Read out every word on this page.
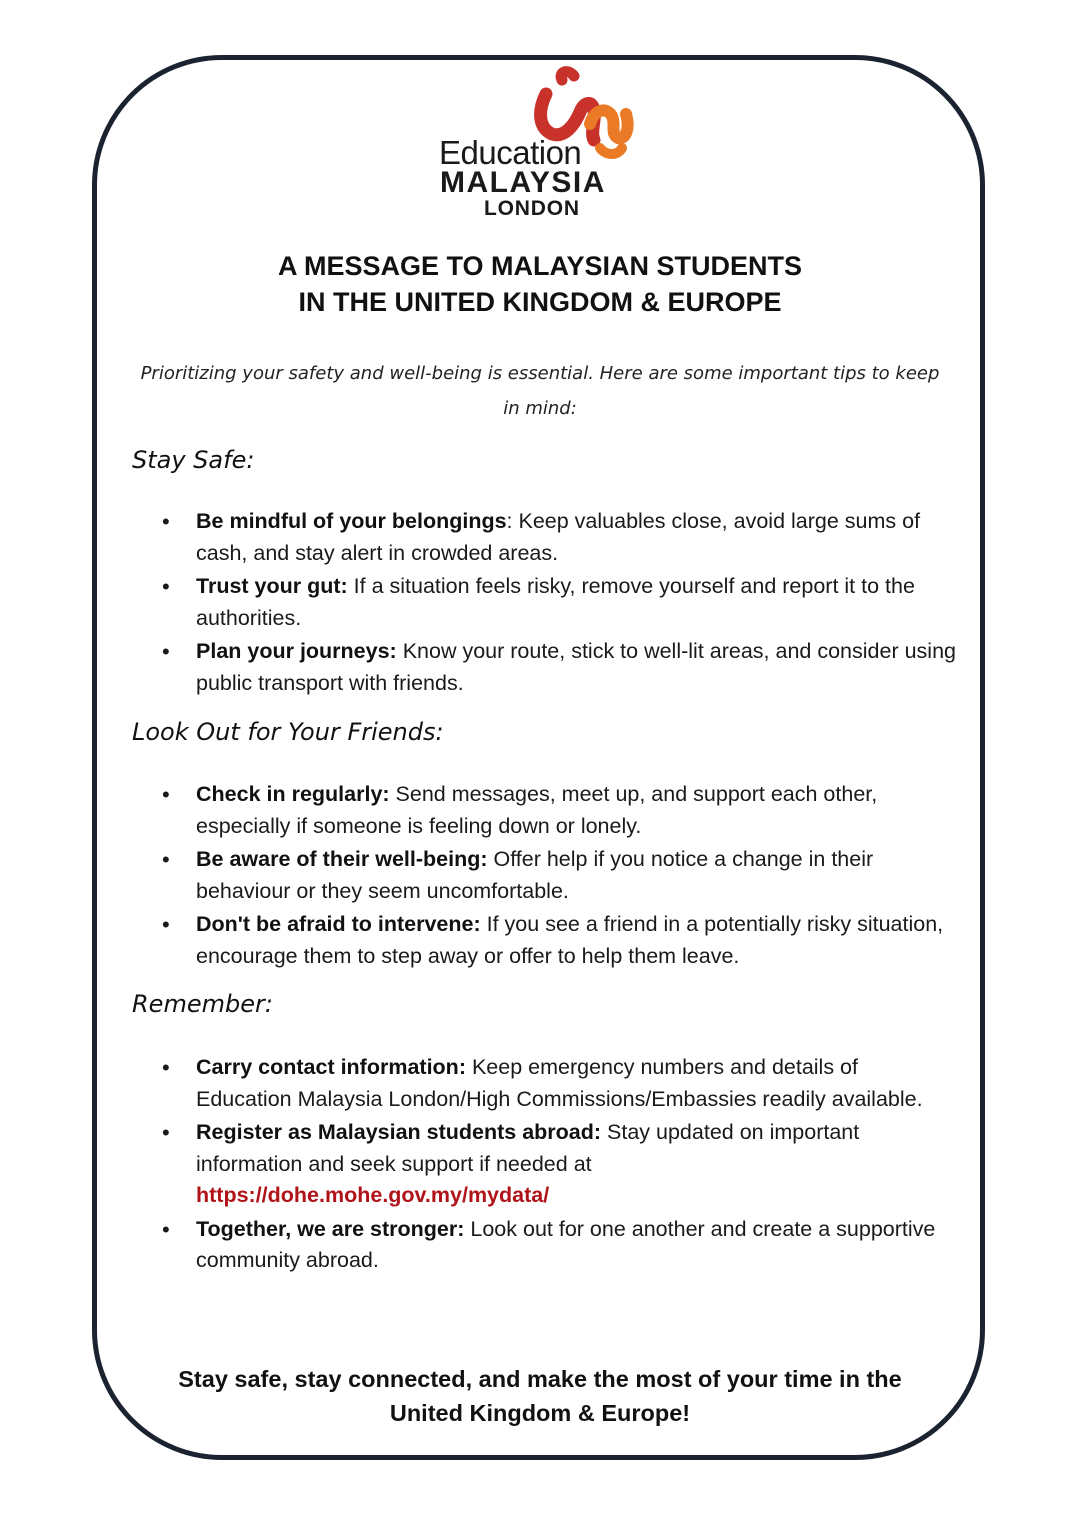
Education
MALAYSIA
LONDON
A MESSAGE TO MALAYSIAN STUDENTS
IN THE UNITED KINGDOM & EUROPE
Prioritizing your safety and well-being is essential. Here are some important tips to keep in mind:
Stay Safe:
• Be mindful of your belongings: Keep valuables close, avoid large sums of cash, and stay alert in crowded areas.
• Trust your gut: If a situation feels risky, remove yourself and report it to the authorities.
• Plan your journeys: Know your route, stick to well-lit areas, and consider using public transport with friends.
Look Out for Your Friends:
• Check in regularly: Send messages, meet up, and support each other, especially if someone is feeling down or lonely.
• Be aware of their well-being: Offer help if you notice a change in their behaviour or they seem uncomfortable.
• Don't be afraid to intervene: If you see a friend in a potentially risky situation, encourage them to step away or offer to help them leave.
Remember:
• Carry contact information: Keep emergency numbers and details of Education Malaysia London/High Commissions/Embassies readily available.
• Register as Malaysian students abroad: Stay updated on important information and seek support if needed at
https://dohe.mohe.gov.my/mydata/
• Together, we are stronger: Look out for one another and create a supportive community abroad.
Stay safe, stay connected, and make the most of your time in the
United Kingdom & Europe!
